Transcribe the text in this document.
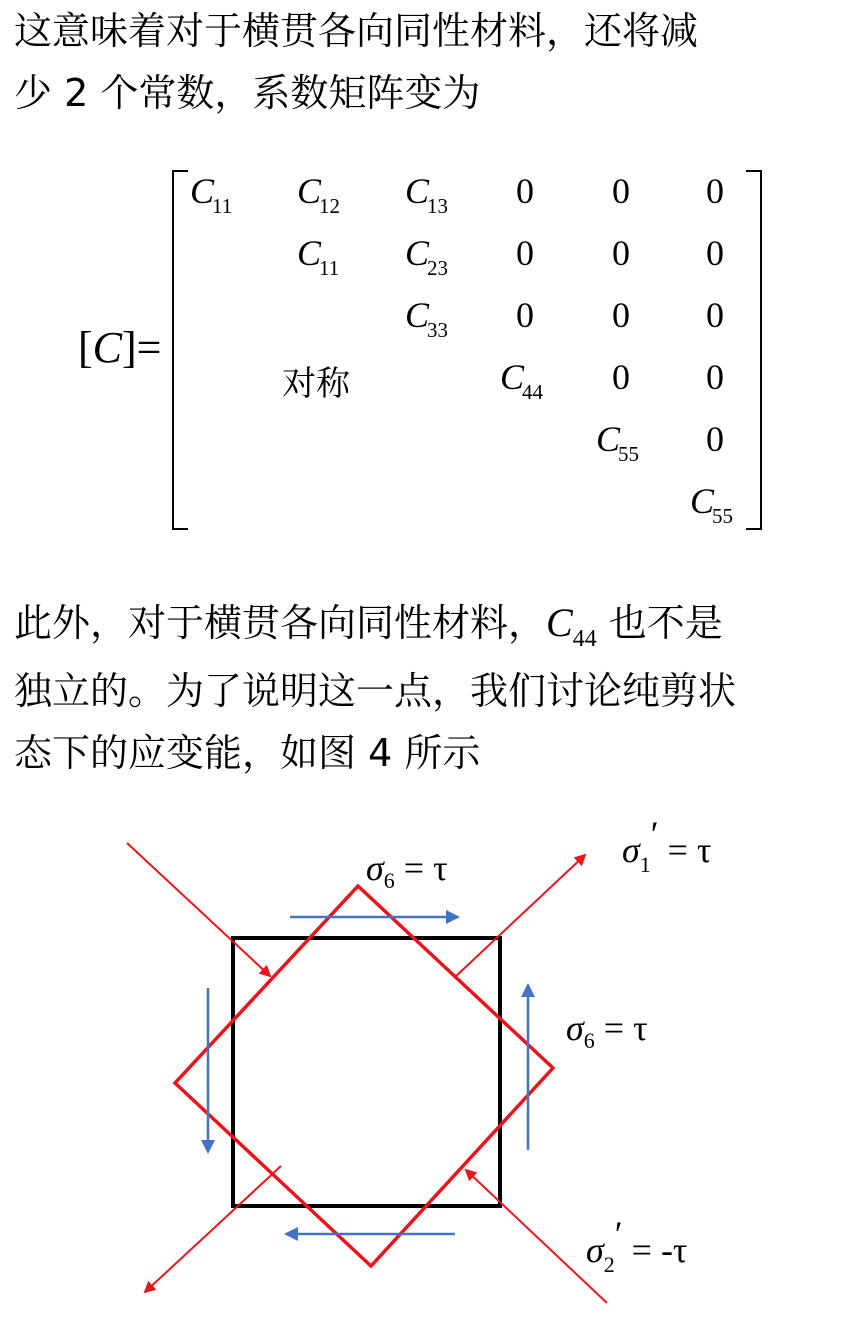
这意味着对于横贯各向同性材料，还将减
少 2 个常数，系数矩阵变为

[C]=
$C_{11}$ $C_{12}$ $C_{13}$ 0 0 0
$C_{11}$ $C_{23}$ 0 0 0
$C_{33}$ 0 0 0
对称	$C_{44}$ 0 0
$C_{55}$ 0
$C_{55}$

此外，对于横贯各向同性材料，$C_{44}$ 也不是
独立的。为了说明这一点，我们讨论纯剪状
态下的应变能，如图 4 所示

$\sigma_6 = \tau$
$\sigma_6 = \tau$
$\sigma_1' = \tau$
$\sigma_2' = -\tau$
